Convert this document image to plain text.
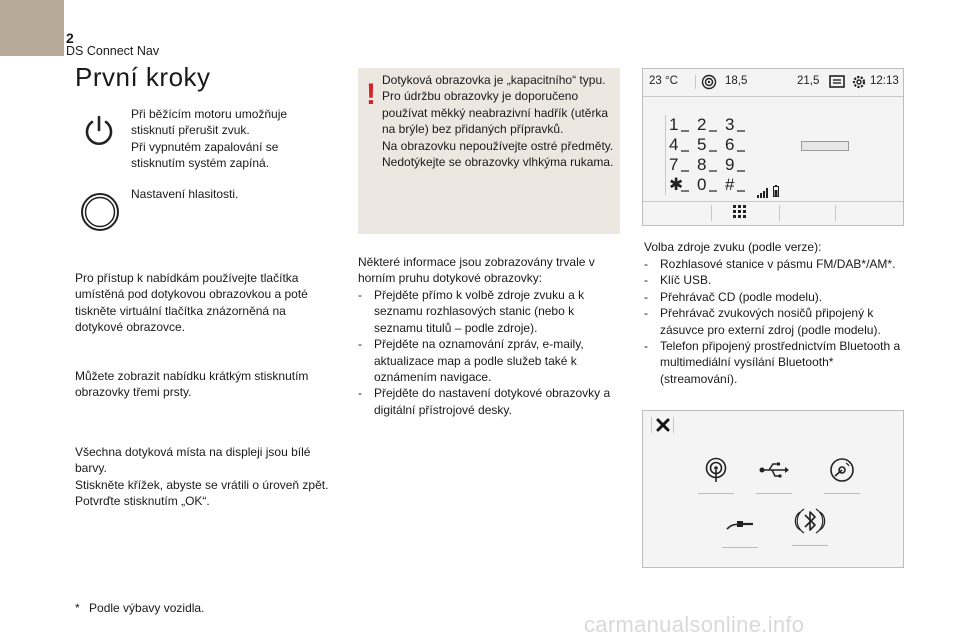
2
DS Connect Nav
První kroky
Při běžícím motoru umožňuje stisknutí přerušit zvuk.
Při vypnutém zapalování se stisknutím systém zapíná.
Nastavení hlasitosti.
Pro přístup k nabídkám používejte tlačítka umístěná pod dotykovou obrazovkou a poté tiskněte virtuální tlačítka znázorněná na dotykové obrazovce.
Můžete zobrazit nabídku krátkým stisknutím obrazovky třemi prsty.
Všechna dotyková místa na displeji jsou bílé barvy.
Stiskněte křížek, abyste se vrátili o úroveň zpět.
Potvrďte stisknutím „OK“.
* Podle výbavy vozidla.
! Dotyková obrazovka je „kapacitního“ typu.
Pro údržbu obrazovky je doporučeno používat měkký neabrazivní hadřík (utěrka na brýle) bez přidaných přípravků.
Na obrazovku nepoužívejte ostré předměty.
Nedotýkejte se obrazovky vlhkýma rukama.
Některé informace jsou zobrazovány trvale v horním pruhu dotykové obrazovky:
- Přejděte přímo k volbě zdroje zvuku a k seznamu rozhlasových stanic (nebo k seznamu titulů – podle zdroje).
- Přejděte na oznamování zpráv, e-maily, aktualizace map a podle služeb také k oznámením navigace.
- Přejděte do nastavení dotykové obrazovky a digitální přístrojové desky.
23 °C	18,5	21,5	12:13
1	2	3
4	5	6
7	8	9
✱ 0	#
Volba zdroje zvuku (podle verze):
- Rozhlasové stanice v pásmu FM/DAB*/AM*.
- Klíč USB.
- Přehrávač CD (podle modelu).
- Přehrávač zvukových nosičů připojený k zásuvce pro externí zdroj (podle modelu).
- Telefon připojený prostřednictvím Bluetooth a multimediální vysílání Bluetooth* (streamování).
carmanualsonline.info
